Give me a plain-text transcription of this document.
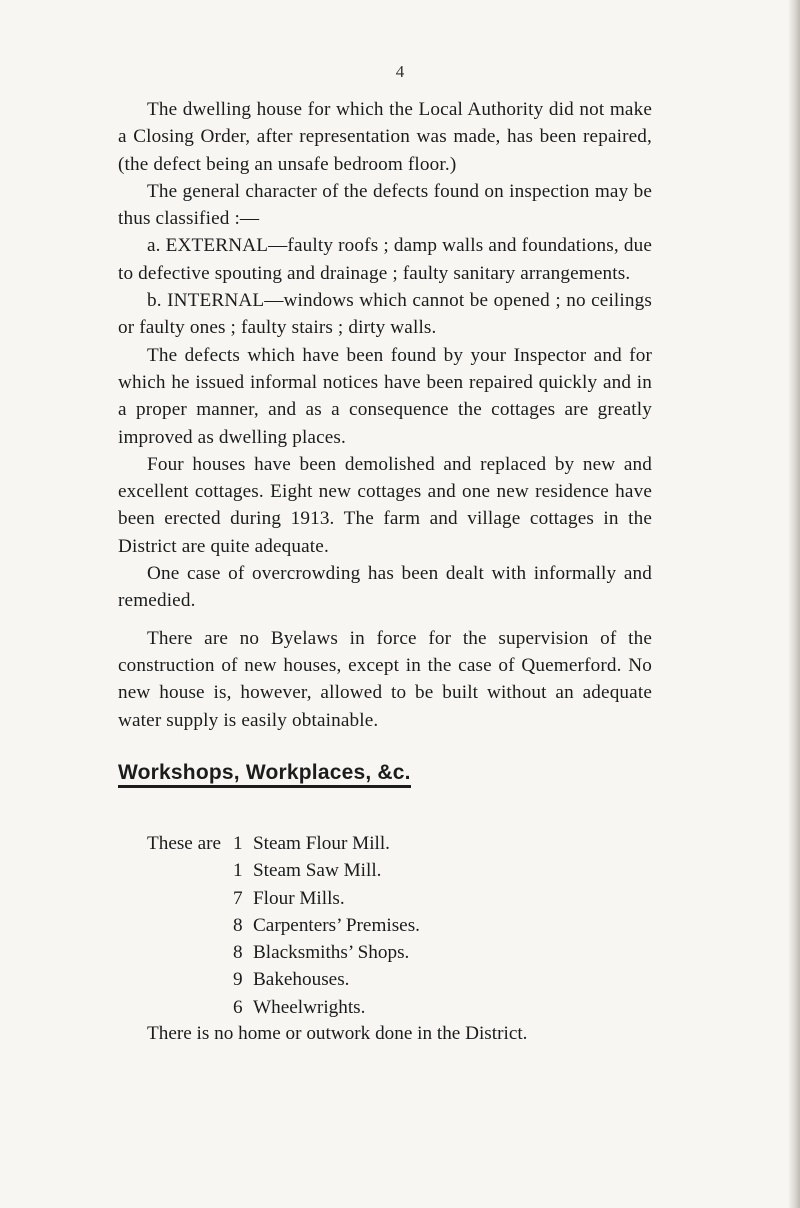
4

The dwelling house for which the Local Authority did not make a Closing Order, after representation was made, has been repaired, (the defect being an unsafe bedroom floor.)

The general character of the defects found on inspection may be thus classified :—

a. EXTERNAL—faulty roofs ; damp walls and foundations, due to defective spouting and drainage ; faulty sanitary arrangements.

b. INTERNAL—windows which cannot be opened ; no ceilings or faulty ones ; faulty stairs ; dirty walls.

The defects which have been found by your Inspector and for which he issued informal notices have been repaired quickly and in a proper manner, and as a consequence the cottages are greatly improved as dwelling places.

Four houses have been demolished and replaced by new and excellent cottages. Eight new cottages and one new residence have been erected during 1913. The farm and village cottages in the District are quite adequate.

One case of overcrowding has been dealt with informally and remedied.

There are no Byelaws in force for the supervision of the construction of new houses, except in the case of Quemerford. No new house is, however, allowed to be built without an adequate water supply is easily obtainable.

Workshops, Workplaces, &c.
These are 1 Steam Flour Mill.
1 Steam Saw Mill.
7 Flour Mills.
8 Carpenters’ Premises.
8 Blacksmiths’ Shops.
9 Bakehouses.
6 Wheelwrights.

There is no home or outwork done in the District.
